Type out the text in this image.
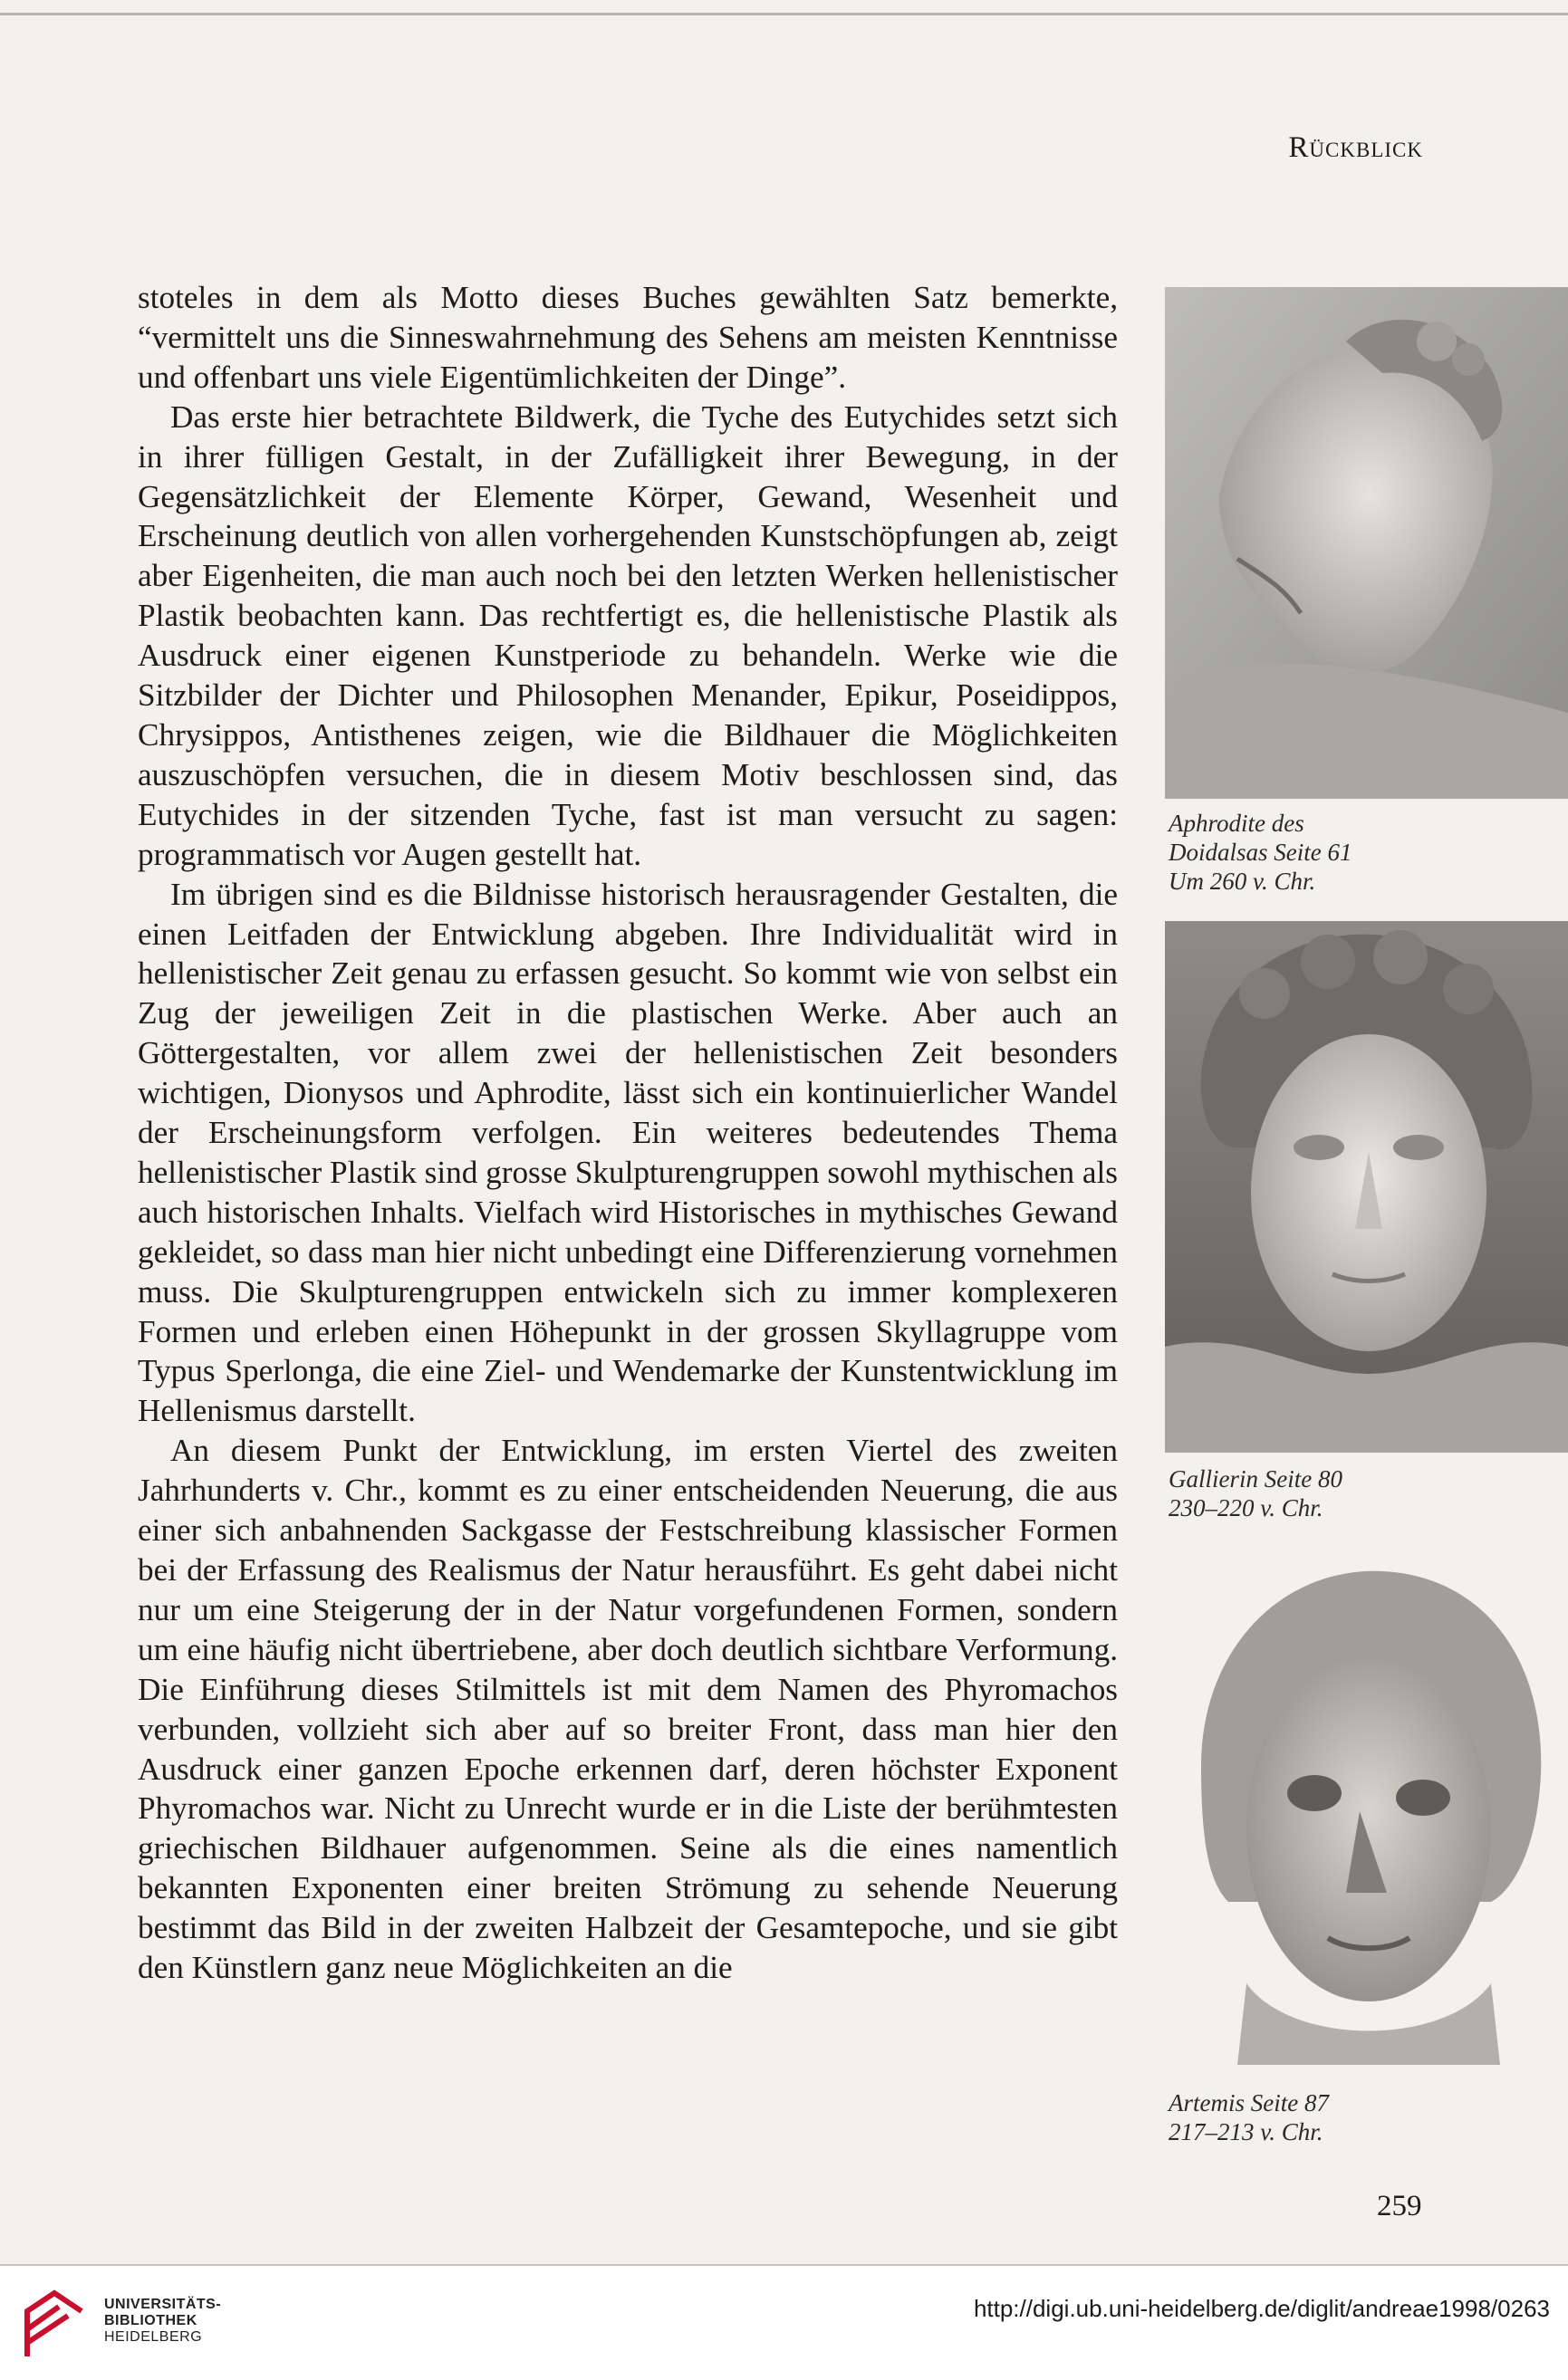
Rückblick

stoteles in dem als Motto dieses Buches gewählten Satz bemerkte, “vermittelt uns die Sinneswahrnehmung des Sehens am meisten Kenntnisse und offenbart uns viele Eigentümlichkeiten der Dinge”.

Das erste hier betrachtete Bildwerk, die Tyche des Eutychides setzt sich in ihrer fülligen Gestalt, in der Zufälligkeit ihrer Bewegung, in der Gegensätzlichkeit der Elemente Körper, Gewand, Wesenheit und Erscheinung deutlich von allen vorhergehenden Kunstschöpfungen ab, zeigt aber Eigenheiten, die man auch noch bei den letzten Werken hellenistischer Plastik beobachten kann. Das rechtfertigt es, die hellenistische Plastik als Ausdruck einer eigenen Kunstperiode zu behandeln. Werke wie die Sitzbilder der Dichter und Philosophen Menander, Epikur, Poseidippos, Chrysippos, Antisthenes zeigen, wie die Bildhauer die Möglichkeiten auszuschöpfen versuchen, die in diesem Motiv beschlossen sind, das Eutychides in der sitzenden Tyche, fast ist man versucht zu sagen: programmatisch vor Augen gestellt hat.

Im übrigen sind es die Bildnisse historisch herausragender Gestalten, die einen Leitfaden der Entwicklung abgeben. Ihre Individualität wird in hellenistischer Zeit genau zu erfassen gesucht. So kommt wie von selbst ein Zug der jeweiligen Zeit in die plastischen Werke. Aber auch an Göttergestalten, vor allem zwei der hellenistischen Zeit besonders wichtigen, Dionysos und Aphrodite, lässt sich ein kontinuierlicher Wandel der Erscheinungsform verfolgen. Ein weiteres bedeutendes Thema hellenistischer Plastik sind grosse Skulpturengruppen sowohl mythischen als auch historischen Inhalts. Vielfach wird Historisches in mythisches Gewand gekleidet, so dass man hier nicht unbedingt eine Differenzierung vornehmen muss. Die Skulpturengruppen entwickeln sich zu immer komplexeren Formen und erleben einen Höhepunkt in der grossen Skyllagruppe vom Typus Sperlonga, die eine Ziel- und Wendemarke der Kunstentwicklung im Hellenismus darstellt.

An diesem Punkt der Entwicklung, im ersten Viertel des zweiten Jahrhunderts v. Chr., kommt es zu einer entscheidenden Neuerung, die aus einer sich anbahnenden Sackgasse der Festschreibung klassischer Formen bei der Erfassung des Realismus der Natur herausführt. Es geht dabei nicht nur um eine Steigerung der in der Natur vorgefundenen Formen, sondern um eine häufig nicht übertriebene, aber doch deutlich sichtbare Verformung. Die Einführung dieses Stilmittels ist mit dem Namen des Phyromachos verbunden, vollzieht sich aber auf so breiter Front, dass man hier den Ausdruck einer ganzen Epoche erkennen darf, deren höchster Exponent Phyromachos war. Nicht zu Unrecht wurde er in die Liste der berühmtesten griechischen Bildhauer aufgenommen. Seine als die eines namentlich bekannten Exponenten einer breiten Strömung zu sehende Neuerung bestimmt das Bild in der zweiten Halbzeit der Gesamtepoche, und sie gibt den Künstlern ganz neue Möglichkeiten an die

Aphrodite des
Doidalsas Seite 61
Um 260 v. Chr.
Gallierin Seite 80
230–220 v. Chr.
Artemis Seite 87
217–213 v. Chr.
259
UNIVERSITÄTS-
BIBLIOTHEK
HEIDELBERG
http://digi.ub.uni-heidelberg.de/diglit/andreae1998/0263
